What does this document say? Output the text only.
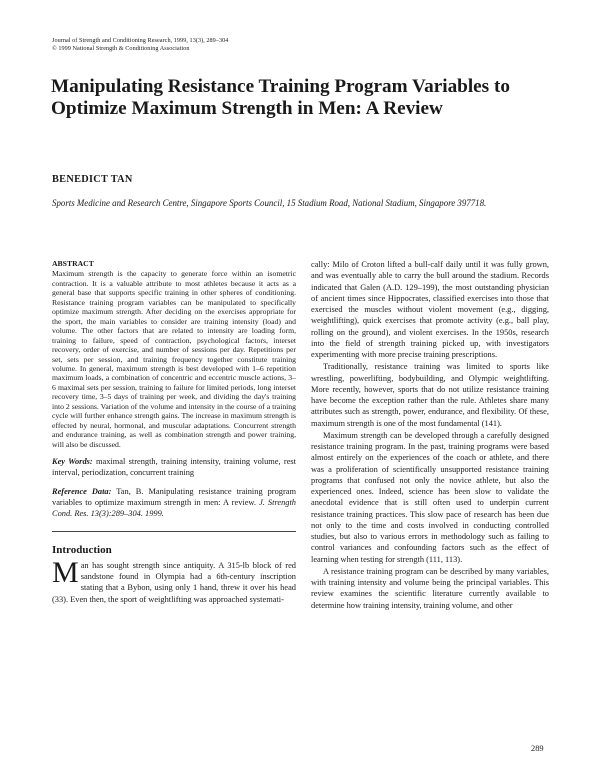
Journal of Strength and Conditioning Research, 1999, 13(3), 289–304
© 1999 National Strength & Conditioning Association
Manipulating Resistance Training Program Variables to Optimize Maximum Strength in Men: A Review
BENEDICT TAN
Sports Medicine and Research Centre, Singapore Sports Council, 15 Stadium Road, National Stadium, Singapore 397718.
ABSTRACT
Maximum strength is the capacity to generate force within an isometric contraction. It is a valuable attribute to most athletes because it acts as a general base that supports specific training in other spheres of conditioning. Resistance training program variables can be manipulated to specifically optimize maximum strength. After deciding on the exercises appropriate for the sport, the main variables to consider are training intensity (load) and volume. The other factors that are related to intensity are loading form, training to failure, speed of contraction, psychological factors, interset recovery, order of exercise, and number of sessions per day. Repetitions per set, sets per session, and training frequency together constitute training volume. In general, maximum strength is best developed with 1–6 repetition maximum loads, a combination of concentric and eccentric muscle actions, 3–6 maximal sets per session, training to failure for limited periods, long interset recovery time, 3–5 days of training per week, and dividing the day's training into 2 sessions. Variation of the volume and intensity in the course of a training cycle will further enhance strength gains. The increase in maximum strength is effected by neural, hormonal, and muscular adaptations. Concurrent strength and endurance training, as well as combination strength and power training, will also be discussed.
Key Words: maximal strength, training intensity, training volume, rest interval, periodization, concurrent training
Reference Data: Tan, B. Manipulating resistance training program variables to optimize maximum strength in men: A review. J. Strength Cond. Res. 13(3):289–304. 1999.
Introduction
Man has sought strength since antiquity. A 315-lb block of red sandstone found in Olympia had a 6th-century inscription stating that a Bybon, using only 1 hand, threw it over his head (33). Even then, the sport of weightlifting was approached systemati-
cally: Milo of Croton lifted a bull-calf daily until it was fully grown, and was eventually able to carry the bull around the stadium. Records indicated that Galen (A.D. 129–199), the most outstanding physician of ancient times since Hippocrates, classified exercises into those that exercised the muscles without violent movement (e.g., digging, weightlifting), quick exercises that promote activity (e.g., ball play, rolling on the ground), and violent exercises. In the 1950s, research into the field of strength training picked up, with investigators experimenting with more precise training prescriptions.
Traditionally, resistance training was limited to sports like wrestling, powerlifting, bodybuilding, and Olympic weightlifting. More recently, however, sports that do not utilize resistance training have become the exception rather than the rule. Athletes share many attributes such as strength, power, endurance, and flexibility. Of these, maximum strength is one of the most fundamental (141).
Maximum strength can be developed through a carefully designed resistance training program. In the past, training programs were based almost entirely on the experiences of the coach or athlete, and there was a proliferation of scientifically unsupported resistance training programs that confused not only the novice athlete, but also the experienced ones. Indeed, science has been slow to validate the anecdotal evidence that is still often used to underpin current resistance training practices. This slow pace of research has been due not only to the time and costs involved in conducting controlled studies, but also to various errors in methodology such as failing to control variances and confounding factors such as the effect of learning when testing for strength (111, 113).
A resistance training program can be described by many variables, with training intensity and volume being the principal variables. This review examines the scientific literature currently available to determine how training intensity, training volume, and other
289
